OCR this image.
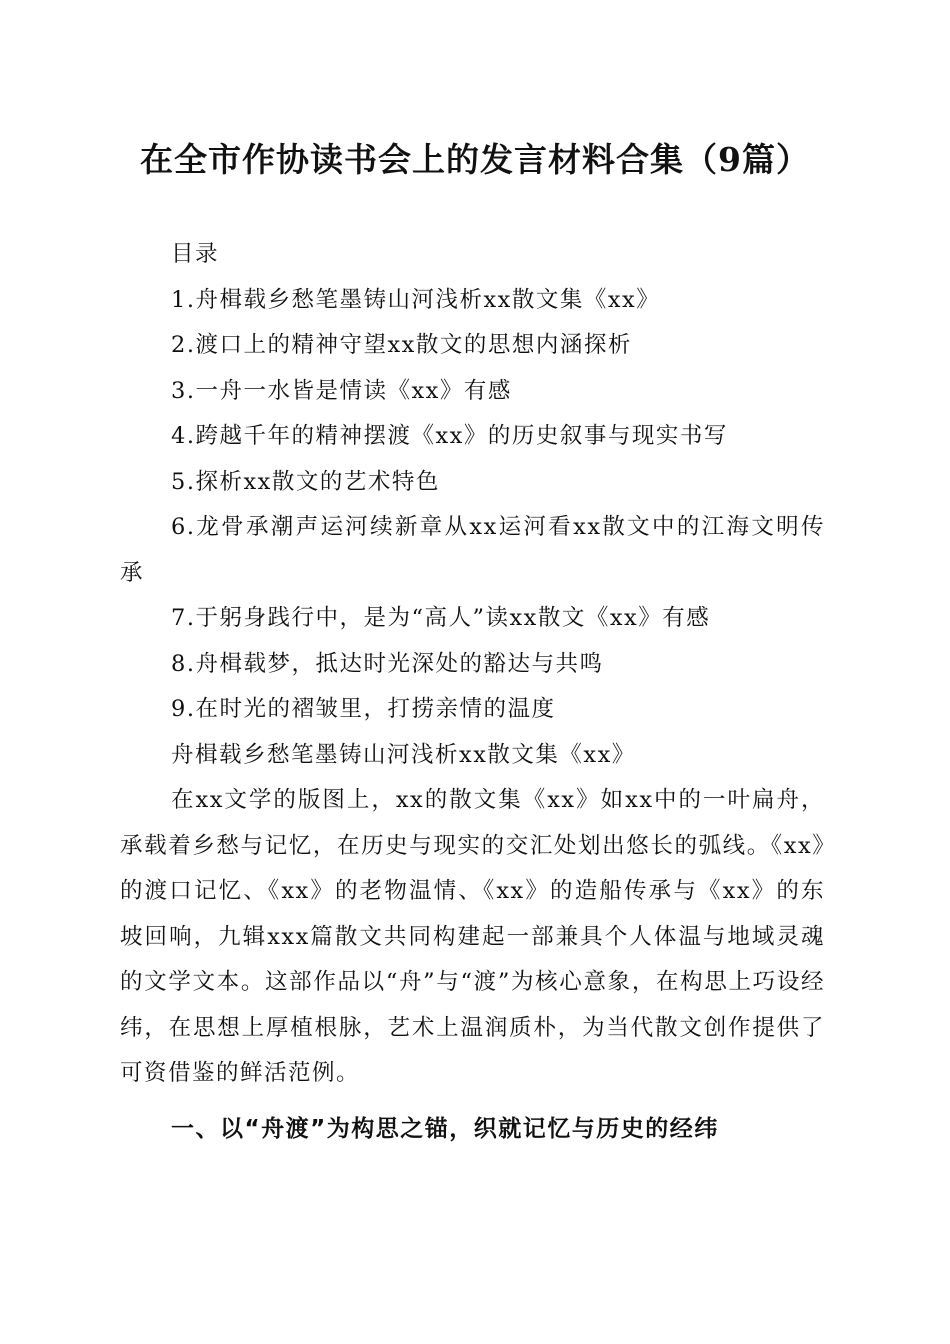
在全市作协读书会上的发言材料合集（9篇）
目录
1.舟楫载乡愁笔墨铸山河浅析xx散文集《xx》
2.渡口上的精神守望xx散文的思想内涵探析
3.一舟一水皆是情读《xx》有感
4.跨越千年的精神摆渡《xx》的历史叙事与现实书写
5.探析xx散文的艺术特色

6.龙骨承潮声运河续新章从xx运河看xx散文中的江海文明传承

7.于躬身践行中，是为“高人”读xx散文《xx》有感
8.舟楫载梦，抵达时光深处的豁达与共鸣
9.在时光的褶皱里，打捞亲情的温度
舟楫载乡愁笔墨铸山河浅析xx散文集《xx》

在xx文学的版图上，xx的散文集《xx》如xx中的一叶扁舟，承载着乡愁与记忆，在历史与现实的交汇处划出悠长的弧线。《xx》的渡口记忆、《xx》的老物温情、《xx》的造船传承与《xx》的东坡回响，九辑xxx篇散文共同构建起一部兼具个人体温与地域灵魂的文学文本。这部作品以“舟”与“渡”为核心意象，在构思上巧设经纬，在思想上厚植根脉，艺术上温润质朴，为当代散文创作提供了可资借鉴的鲜活范例。

一、以“舟渡”为构思之锚，织就记忆与历史的经纬
